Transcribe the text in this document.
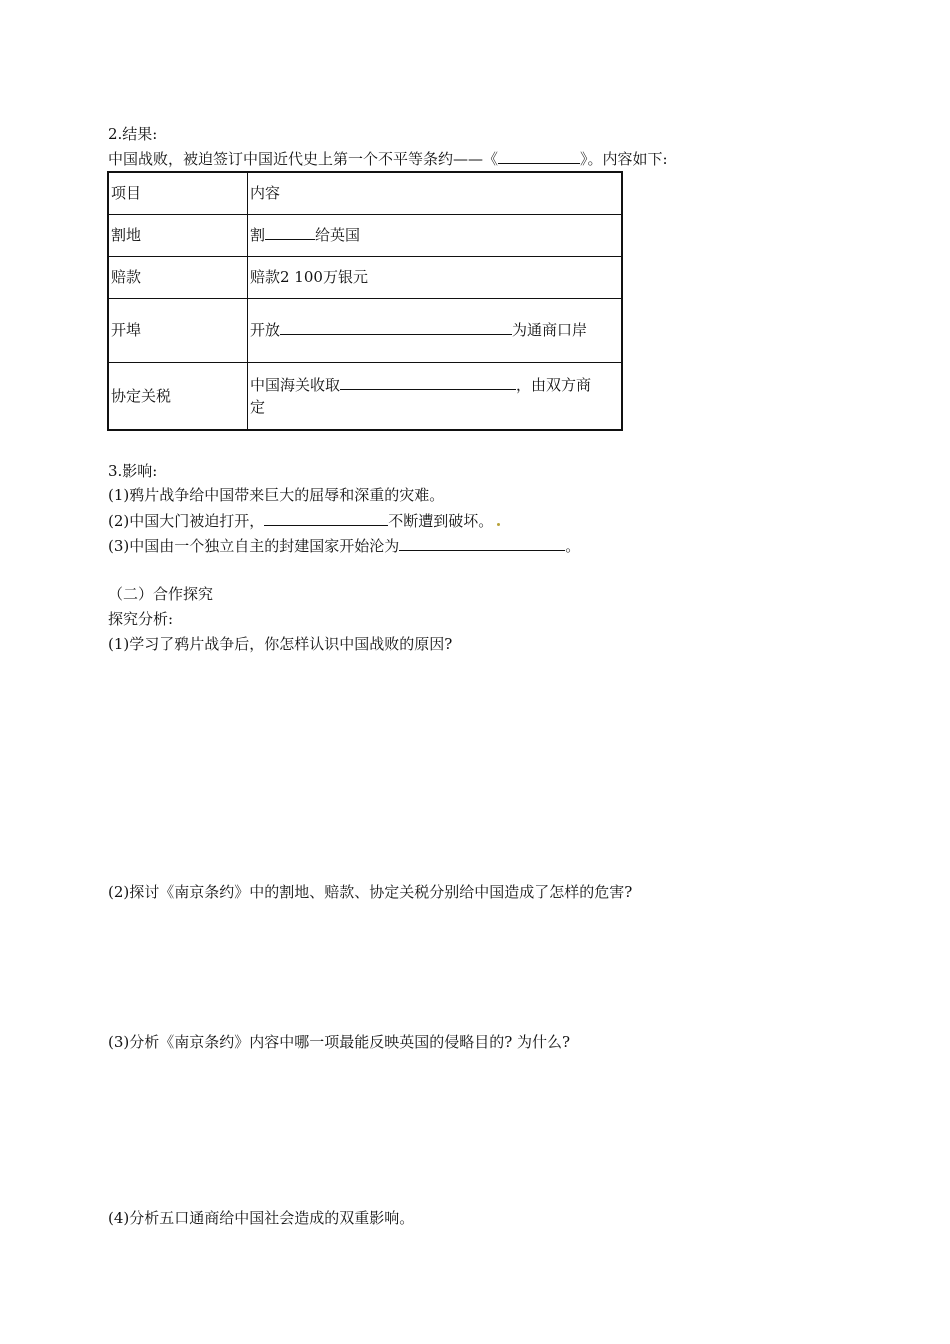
2.结果:
中国战败，被迫签订中国近代史上第一个不平等条约——《	》。内容如下:
项目	内容
割地	割 给英国
赔款	赔款2 100万银元
开埠	开放 为通商口岸
协定关税	中国海关收取 ，由双方商
定
3.影响:
(1)鸦片战争给中国带来巨大的屈辱和深重的灾难。
(2)中国大门被迫打开，	不断遭到破坏。
(3)中国由一个独立自主的封建国家开始沦为	。
（二）合作探究
探究分析:
(1)学习了鸦片战争后，你怎样认识中国战败的原因?
(2)探讨《南京条约》中的割地、赔款、协定关税分别给中国造成了怎样的危害?
(3)分析《南京条约》内容中哪一项最能反映英国的侵略目的? 为什么?
(4)分析五口通商给中国社会造成的双重影响。
